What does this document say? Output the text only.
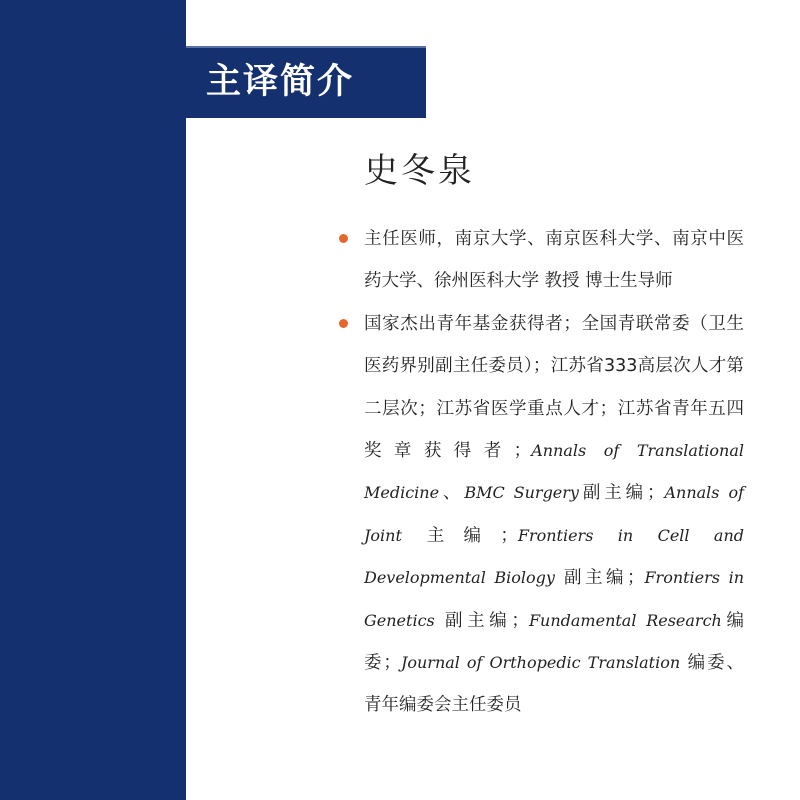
主译简介
史冬泉
主任医师，南京大学、南京医科大学、南京中医药大学、徐州医科大学 教授 博士生导师
国家杰出青年基金获得者；全国青联常委（卫生医药界别副主任委员）；江苏省333高层次人才第二层次；江苏省医学重点人才；江苏省青年五四奖章获得者；Annals of Translational Medicine、BMC Surgery副主编；Annals of Joint 主编；Frontiers in Cell and Developmental Biology 副主编；Frontiers in Genetics 副主编；Fundamental Research编委；Journal of Orthopedic Translation 编委、青年编委会主任委员
